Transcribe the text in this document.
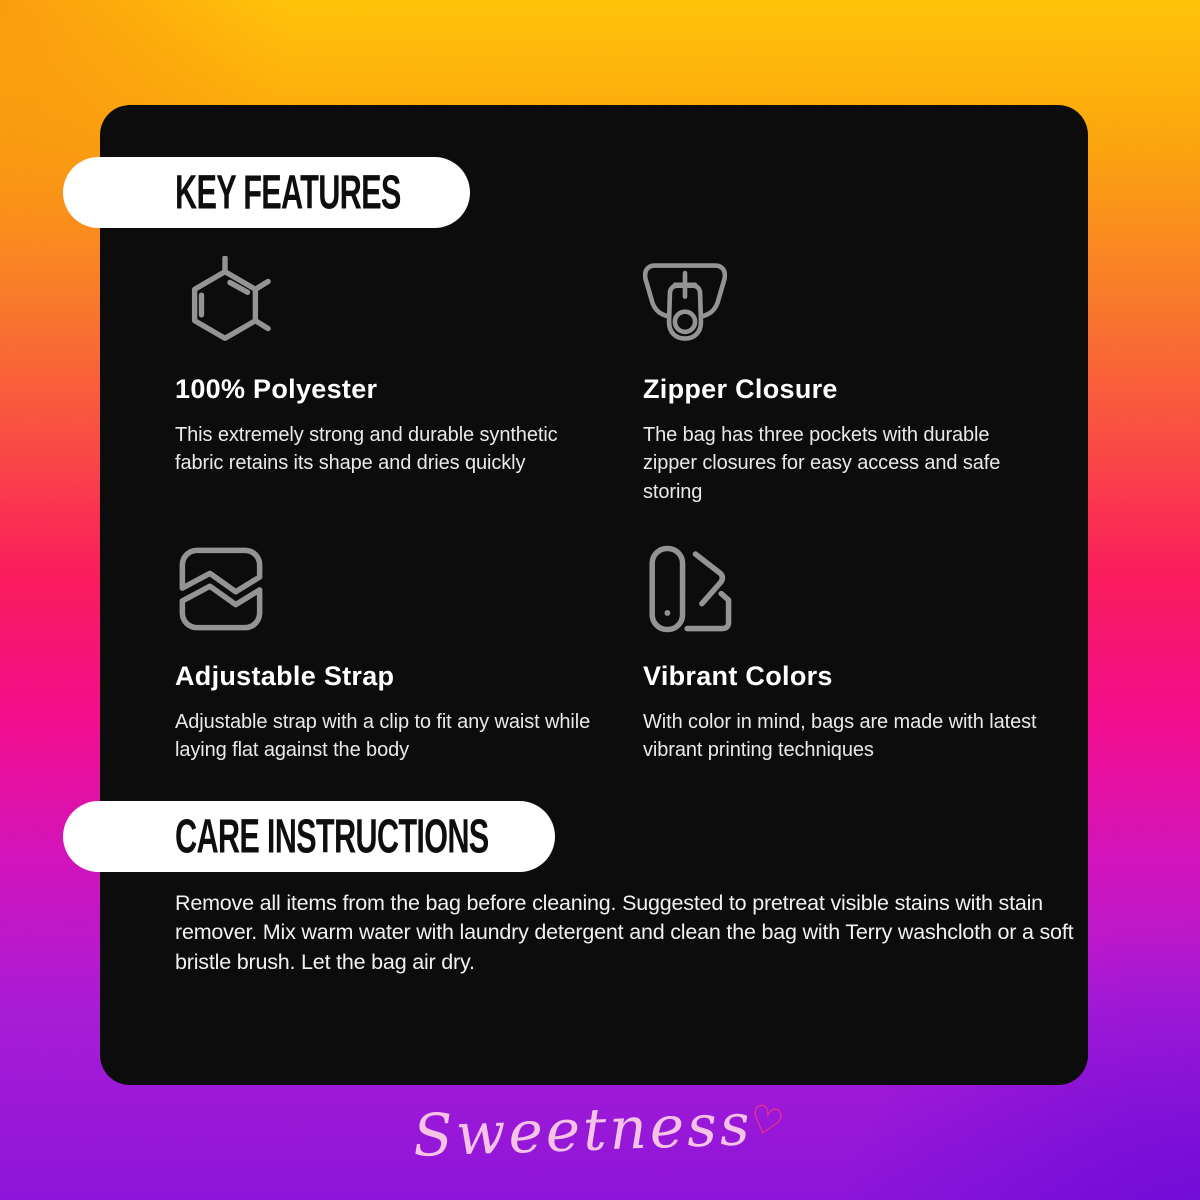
KEY FEATURES
100% Polyester

This extremely strong and durable synthetic fabric retains its shape and dries quickly

Zipper Closure

The bag has three pockets with durable zipper closures for easy access and safe storing

Adjustable Strap

Adjustable strap with a clip to fit any waist while laying flat against the body

Vibrant Colors

With color in mind, bags are made with latest vibrant printing techniques

CARE INSTRUCTIONS

Remove all items from the bag before cleaning. Suggested to pretreat visible stains with stain remover. Mix warm water with laundry detergent and clean the bag with Terry washcloth or a soft bristle brush. Let the bag air dry.

Sweetness♡
